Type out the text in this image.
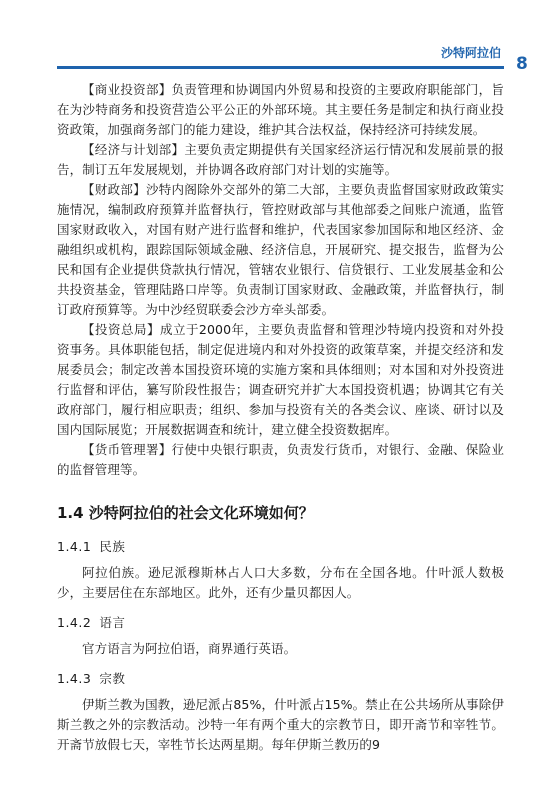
沙特阿拉伯
8

【商业投资部】负责管理和协调国内外贸易和投资的主要政府职能部门，旨在为沙特商务和投资营造公平公正的外部环境。其主要任务是制定和执行商业投资政策，加强商务部门的能力建设，维护其合法权益，保持经济可持续发展。

【经济与计划部】主要负责定期提供有关国家经济运行情况和发展前景的报告，制订五年发展规划，并协调各政府部门对计划的实施等。

【财政部】沙特内阁除外交部外的第二大部，主要负责监督国家财政政策实施情况，编制政府预算并监督执行，管控财政部与其他部委之间账户流通，监管国家财政收入，对国有财产进行监督和维护，代表国家参加国际和地区经济、金融组织或机构，跟踪国际领域金融、经济信息，开展研究、提交报告，监督为公民和国有企业提供贷款执行情况，管辖农业银行、信贷银行、工业发展基金和公共投资基金，管理陆路口岸等。负责制订国家财政、金融政策，并监督执行，制订政府预算等。为中沙经贸联委会沙方牵头部委。

【投资总局】成立于2000年，主要负责监督和管理沙特境内投资和对外投资事务。具体职能包括，制定促进境内和对外投资的政策草案，并提交经济和发展委员会；制定改善本国投资环境的实施方案和具体细则；对本国和对外投资进行监督和评估，纂写阶段性报告；调查研究并扩大本国投资机遇；协调其它有关政府部门，履行相应职责；组织、参加与投资有关的各类会议、座谈、研讨以及国内国际展览；开展数据调查和统计，建立健全投资数据库。

【货币管理署】行使中央银行职责，负责发行货币，对银行、金融、保险业的监督管理等。

1.4 沙特阿拉伯的社会文化环境如何？
1.4.1 民族

阿拉伯族。逊尼派穆斯林占人口大多数，分布在全国各地。什叶派人数极少，主要居住在东部地区。此外，还有少量贝都因人。

1.4.2 语言

官方语言为阿拉伯语，商界通行英语。

1.4.3 宗教

伊斯兰教为国教，逊尼派占85%，什叶派占15%。禁止在公共场所从事除伊斯兰教之外的宗教活动。沙特一年有两个重大的宗教节日，即开斋节和宰牲节。开斋节放假七天，宰牲节长达两星期。每年伊斯兰教历的9
